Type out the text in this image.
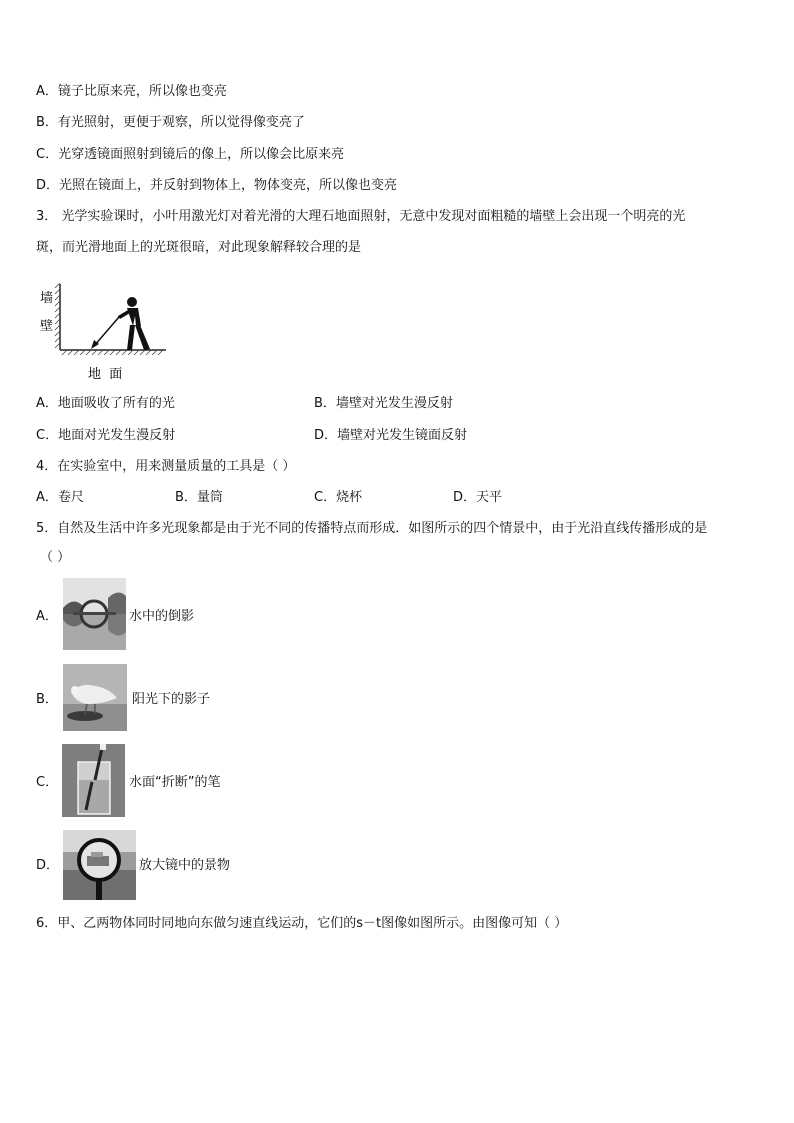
A．镜子比原来亮，所以像也变亮
B．有光照射，更便于观察，所以觉得像变亮了
C．光穿透镜面照射到镜后的像上，所以像会比原来亮
D．光照在镜面上，并反射到物体上，物体变亮，所以像也变亮
3． 光学实验课时，小叶用激光灯对着光滑的大理石地面照射，无意中发现对面粗糙的墙壁上会出现一个明亮的光
斑，而光滑地面上的光斑很暗，对此现象解释较合理的是
墙
壁
地  面
A．地面吸收了所有的光	B．墙壁对光发生漫反射
C．地面对光发生漫反射	D．墙壁对光发生镜面反射
4．在实验室中，用来测量质量的工具是（ ）
A．卷尺	B．量筒	C．烧杯	D．天平
5．自然及生活中许多光现象都是由于光不同的传播特点而形成．如图所示的四个情景中，由于光沿直线传播形成的是
（ ）
A．	水中的倒影
B．	阳光下的影子
C．	水面“折断”的笔
D．	放大镜中的景物
6．甲、乙两物体同时同地向东做匀速直线运动，它们的s－t图像如图所示。由图像可知（ ）
